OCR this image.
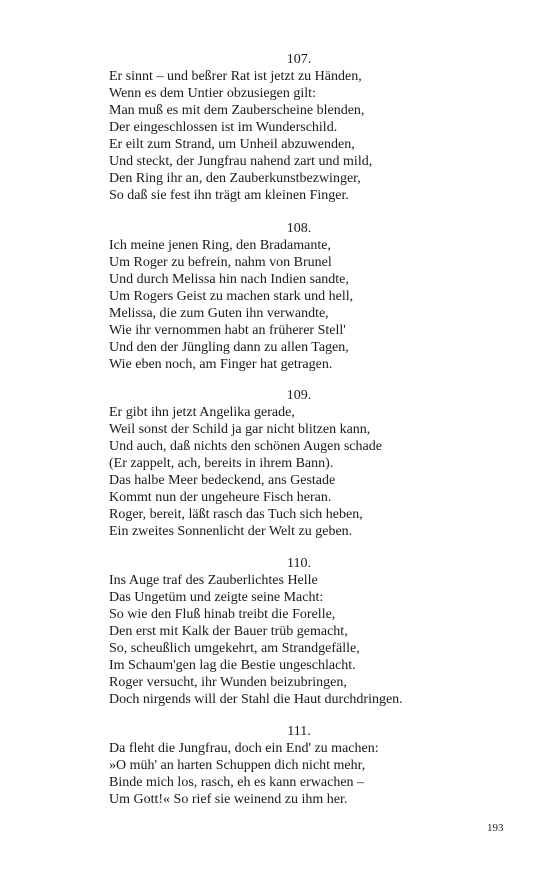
107.

Er sinnt – und beßrer Rat ist jetzt zu Händen,

Wenn es dem Untier obzusiegen gilt:

Man muß es mit dem Zauberscheine blenden,

Der eingeschlossen ist im Wunderschild.

Er eilt zum Strand, um Unheil abzuwenden,

Und steckt, der Jungfrau nahend zart und mild,

Den Ring ihr an, den Zauberkunstbezwinger,

So daß sie fest ihn trägt am kleinen Finger.

108.

Ich meine jenen Ring, den Bradamante,

Um Roger zu befrein, nahm von Brunel

Und durch Melissa hin nach Indien sandte,

Um Rogers Geist zu machen stark und hell,

Melissa, die zum Guten ihn verwandte,

Wie ihr vernommen habt an früherer Stell'

Und den der Jüngling dann zu allen Tagen,

Wie eben noch, am Finger hat getragen.

109.

Er gibt ihn jetzt Angelika gerade,

Weil sonst der Schild ja gar nicht blitzen kann,

Und auch, daß nichts den schönen Augen schade

(Er zappelt, ach, bereits in ihrem Bann).

Das halbe Meer bedeckend, ans Gestade

Kommt nun der ungeheure Fisch heran.

Roger, bereit, läßt rasch das Tuch sich heben,

Ein zweites Sonnenlicht der Welt zu geben.

110.

Ins Auge traf des Zauberlichtes Helle

Das Ungetüm und zeigte seine Macht:

So wie den Fluß hinab treibt die Forelle,

Den erst mit Kalk der Bauer trüb gemacht,

So, scheußlich umgekehrt, am Strandgefälle,

Im Schaum'gen lag die Bestie ungeschlacht.

Roger versucht, ihr Wunden beizubringen,

Doch nirgends will der Stahl die Haut durchdringen.

111.

Da fleht die Jungfrau, doch ein End' zu machen:

»O müh' an harten Schuppen dich nicht mehr,

Binde mich los, rasch, eh es kann erwachen –

Um Gott!« So rief sie weinend zu ihm her.

193
